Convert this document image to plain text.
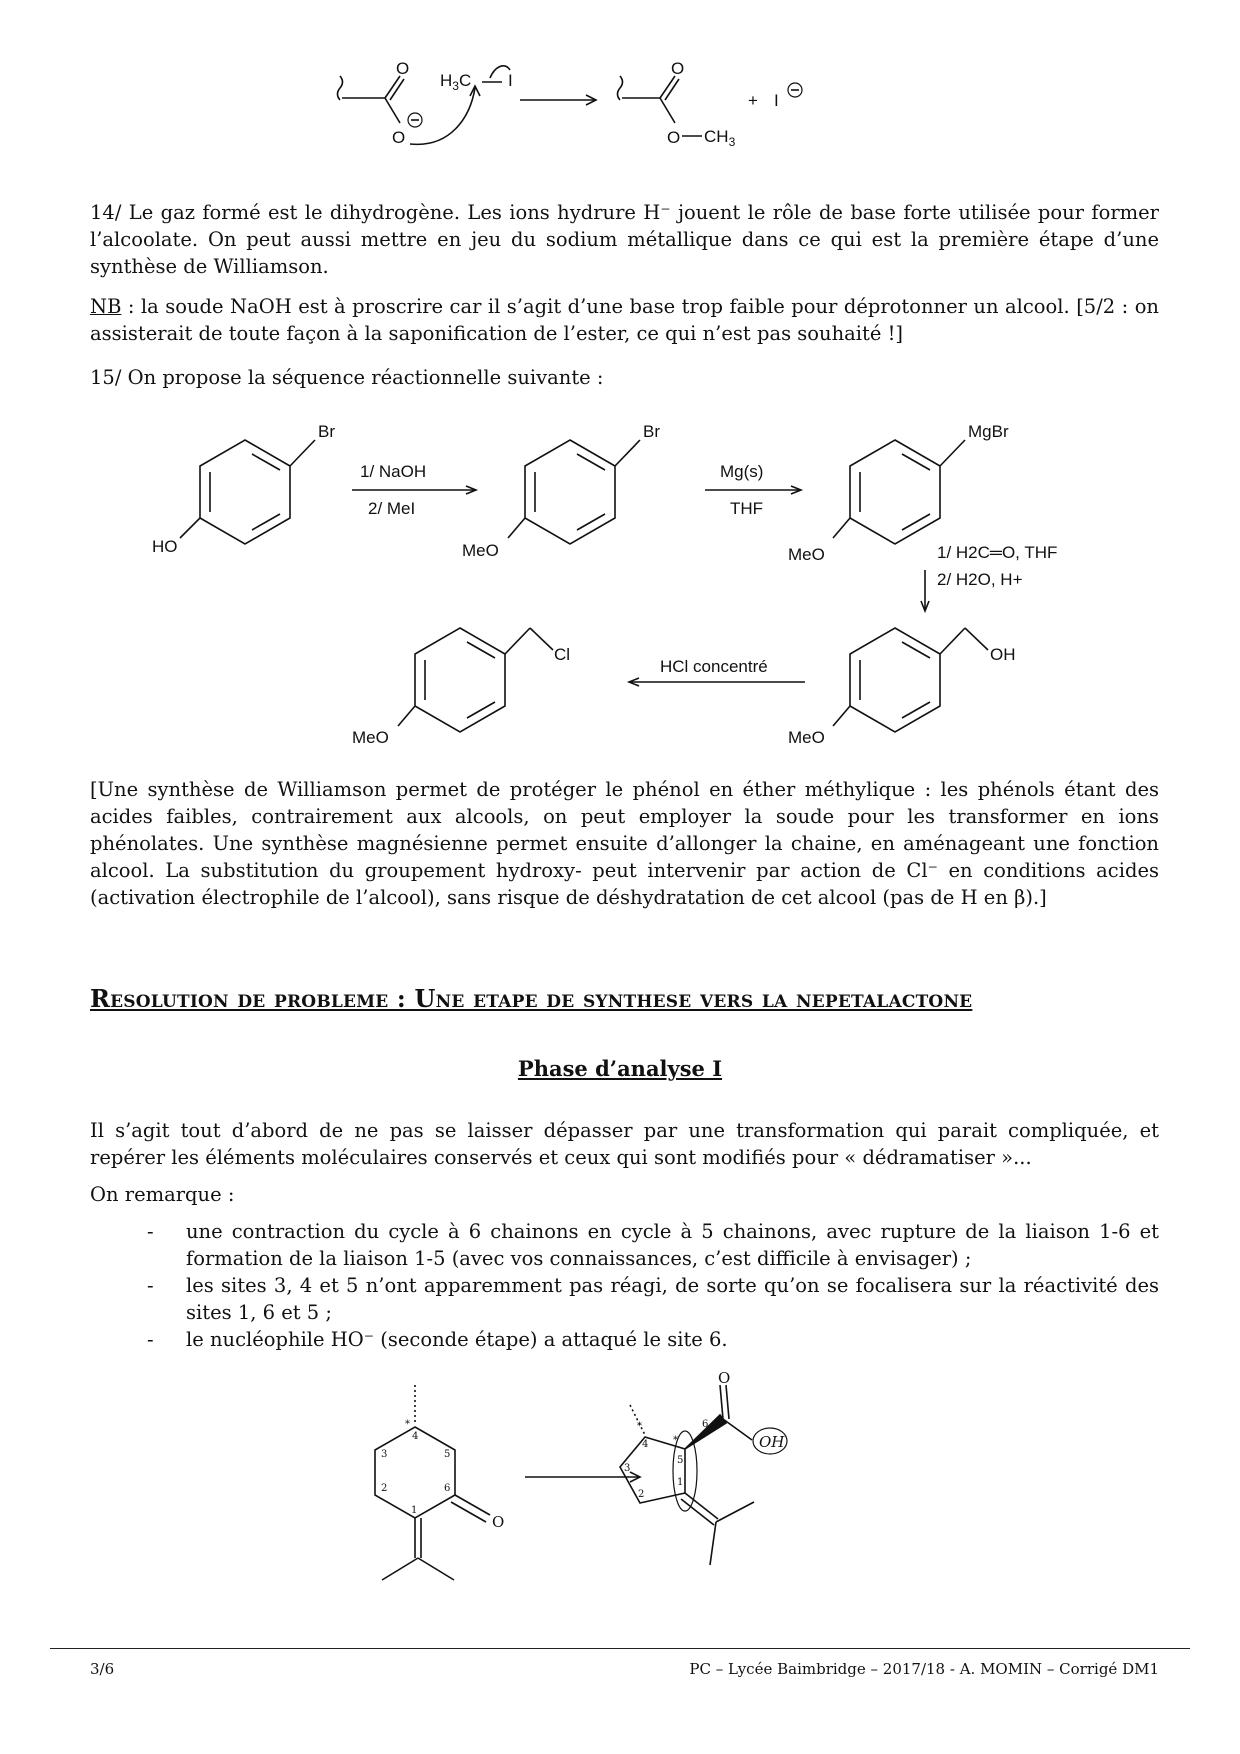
O
O
$H_3C$ I
O
O $CH_3$
+ I
14/ Le gaz formé est le dihydrogène. Les ions hydrure H⁻ jouent le rôle de base forte utilisée pour former l’alcoolate. On peut aussi mettre en jeu du sodium métallique dans ce qui est la première étape d’une synthèse de Williamson.
NB : la soude NaOH est à proscrire car il s’agit d’une base trop faible pour déprotonner un alcool. [5/2 : on assisterait de toute façon à la saponification de l’ester, ce qui n’est pas souhaité !]
15/ On propose la séquence réactionnelle suivante :
Br
HO
1/ NaOH
2/ MeI
Br
MeO
Mg(s)
THF
MgBr
MeO	1/ H2C═O, THF
2/ H2O, H+
OH
MeO
HCl concentré
Cl
MeO
[Une synthèse de Williamson permet de protéger le phénol en éther méthylique : les phénols étant des acides faibles, contrairement aux alcools, on peut employer la soude pour les transformer en ions phénolates. Une synthèse magnésienne permet ensuite d’allonger la chaine, en aménageant une fonction alcool. La substitution du groupement hydroxy- peut intervenir par action de Cl⁻ en conditions acides (activation électrophile de l’alcool), sans risque de déshydratation de cet alcool (pas de H en β).]
Resolution de probleme : Une etape de synthese vers la nepetalactone
Phase d’analyse I
Il s’agit tout d’abord de ne pas se laisser dépasser par une transformation qui parait compliquée, et repérer les éléments moléculaires conservés et ceux qui sont modifiés pour « dédramatiser »...
On remarque :
- une contraction du cycle à 6 chainons en cycle à 5 chainons, avec rupture de la liaison 1-6 et formation de la liaison 1-5 (avec vos connaissances, c’est difficile à envisager) ;
- les sites 3, 4 et 5 n’ont apparemment pas réagi, de sorte qu’on se focalisera sur la réactivité des sites 1, 6 et 5 ;
- le nucléophile HO⁻ (seconde étape) a attaqué le site 6.
O
1
2
3
4
5
6
*
O
OH
*
*
4
5
1
3
2
6
3/6	PC – Lycée Baimbridge – 2017/18 - A. MOMIN – Corrigé DM1
